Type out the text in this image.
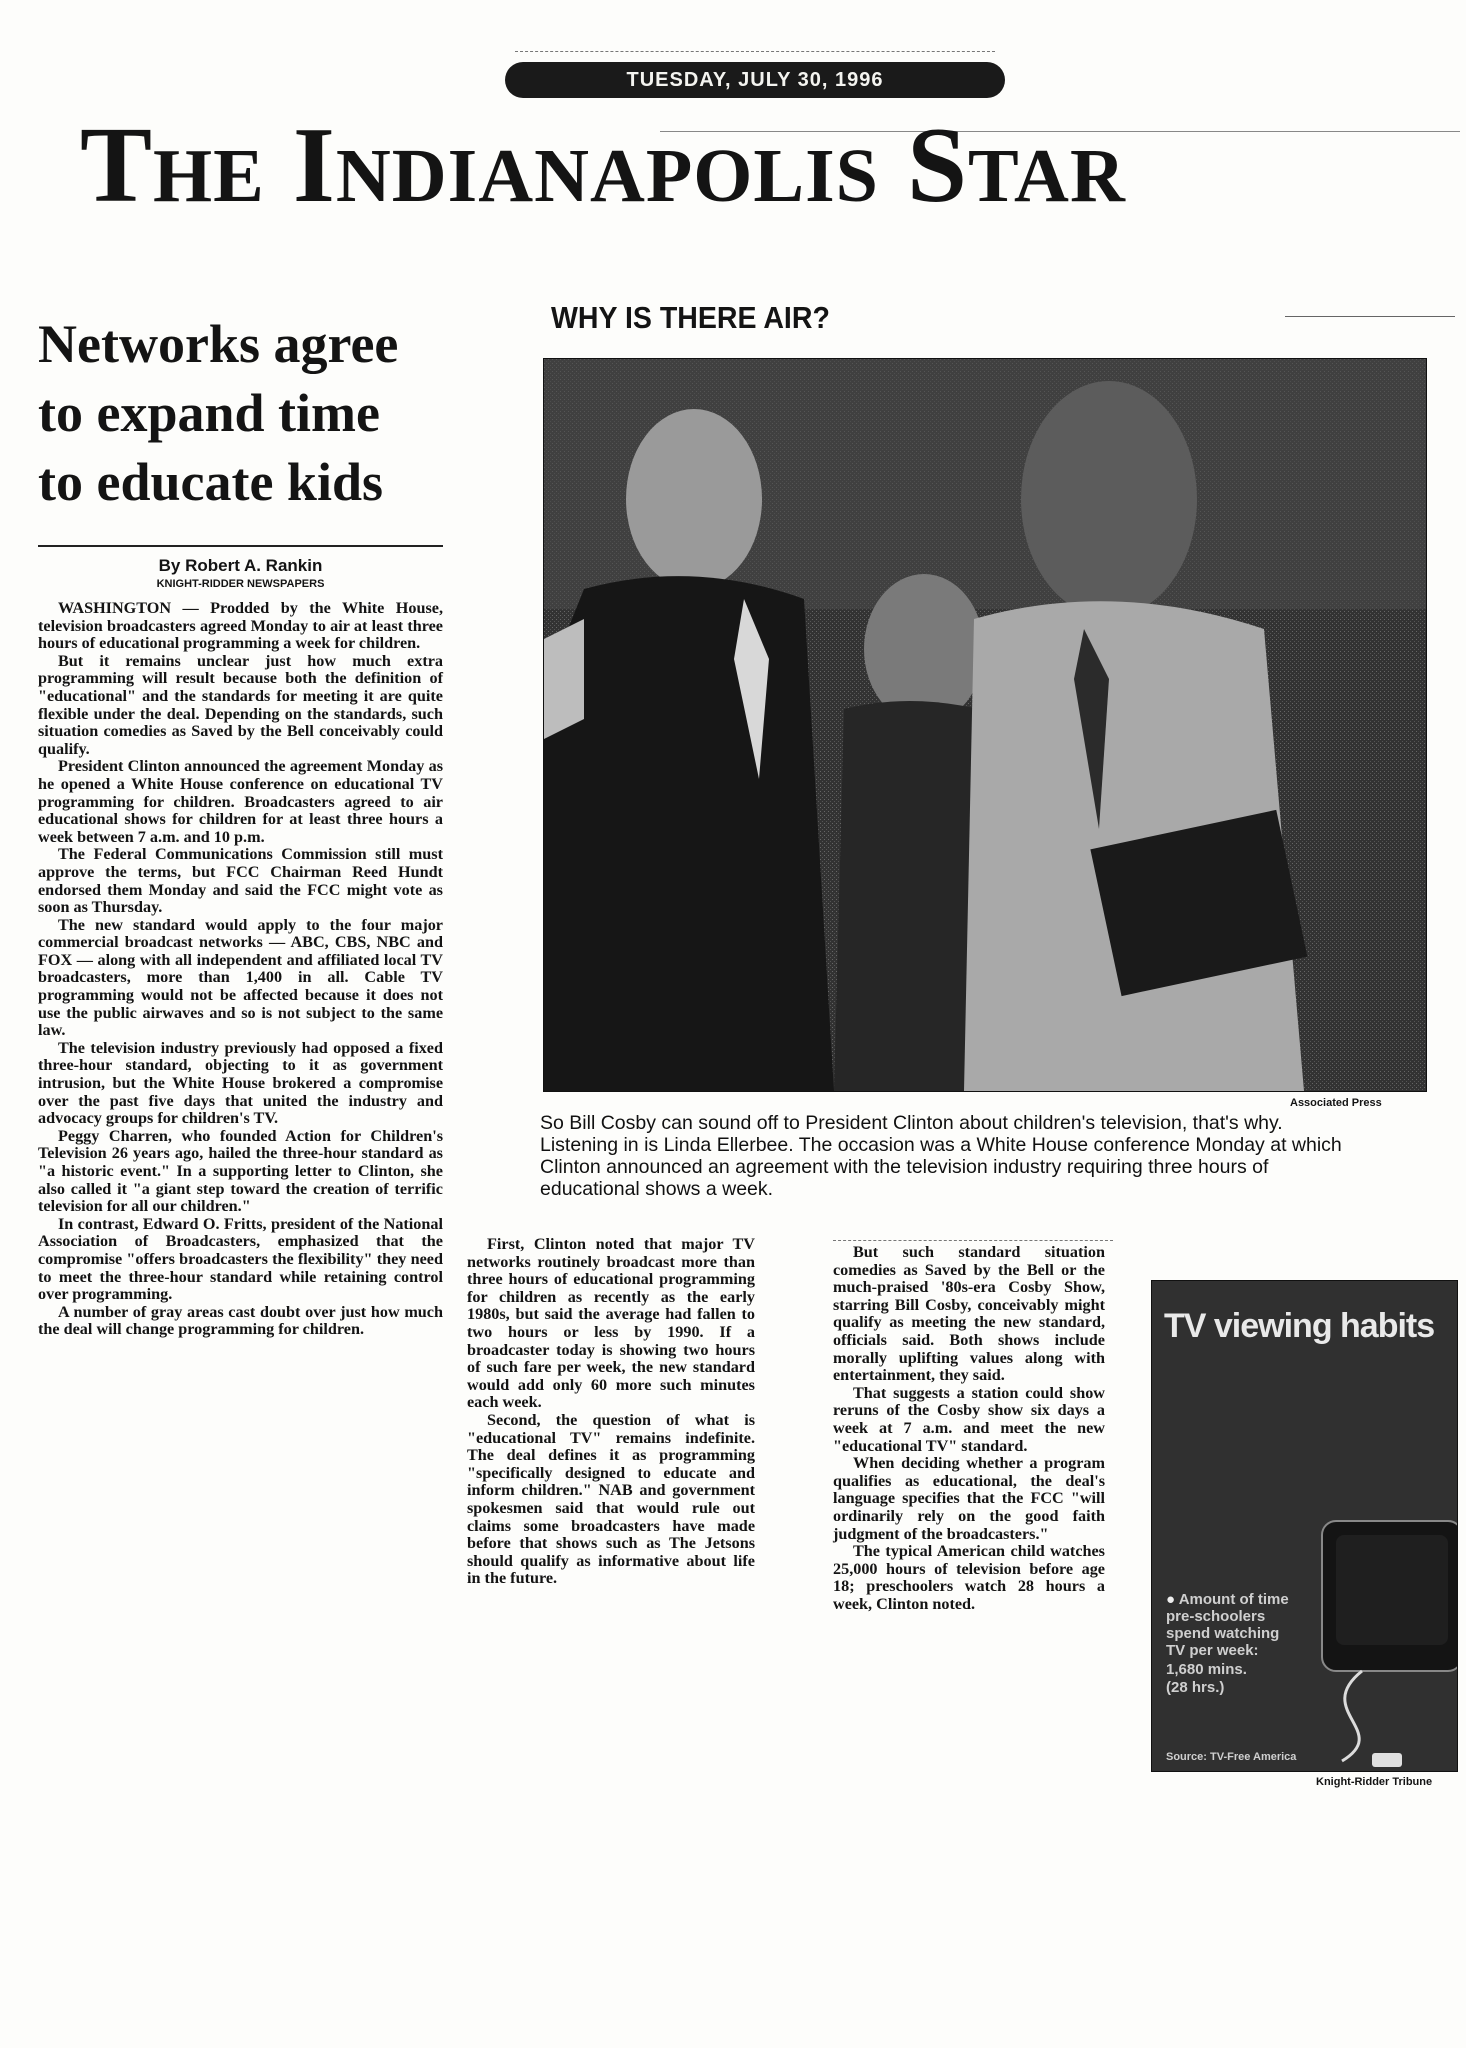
TUESDAY, JULY 30, 1996
The Indianapolis Star
Networks agree
to expand time
to educate kids
By Robert A. Rankin
KNIGHT-RIDDER NEWSPAPERS

WASHINGTON — Prodded by the White House, television broadcasters agreed Monday to air at least three hours of educational programming a week for children.

But it remains unclear just how much extra programming will result because both the definition of "educational" and the standards for meeting it are quite flexible under the deal. Depending on the standards, such situation comedies as Saved by the Bell conceivably could qualify.

President Clinton announced the agreement Monday as he opened a White House conference on educational TV programming for children. Broadcasters agreed to air educational shows for children for at least three hours a week between 7 a.m. and 10 p.m.

The Federal Communications Commission still must approve the terms, but FCC Chairman Reed Hundt endorsed them Monday and said the FCC might vote as soon as Thursday.

The new standard would apply to the four major commercial broadcast networks — ABC, CBS, NBC and FOX — along with all independent and affiliated local TV broadcasters, more than 1,400 in all. Cable TV programming would not be affected because it does not use the public airwaves and so is not subject to the same law.

The television industry previously had opposed a fixed three-hour standard, objecting to it as government intrusion, but the White House brokered a compromise over the past five days that united the industry and advocacy groups for children's TV.

Peggy Charren, who founded Action for Children's Television 26 years ago, hailed the three-hour standard as "a historic event." In a supporting letter to Clinton, she also called it "a giant step toward the creation of terrific television for all our children."

In contrast, Edward O. Fritts, president of the National Association of Broadcasters, emphasized that the compromise "offers broadcasters the flexibility" they need to meet the three-hour standard while retaining control over programming.

A number of gray areas cast doubt over just how much the deal will change programming for children.

WHY IS THERE AIR?
Associated Press
So Bill Cosby can sound off to President Clinton about children's television, that's why.
Listening in is Linda Ellerbee. The occasion was a White House conference Monday at which
Clinton announced an agreement with the television industry requiring three hours of
educational shows a week.

First, Clinton noted that major TV networks routinely broadcast more than three hours of educational programming for children as recently as the early 1980s, but said the average had fallen to two hours or less by 1990. If a broadcaster today is showing two hours of such fare per week, the new standard would add only 60 more such minutes each week.

Second, the question of what is "educational TV" remains indefinite. The deal defines it as programming "specifically designed to educate and inform children." NAB and government spokesmen said that would rule out claims some broadcasters have made before that shows such as The Jetsons should qualify as informative about life in the future.

But such standard situation comedies as Saved by the Bell or the much-praised '80s-era Cosby Show, starring Bill Cosby, conceivably might qualify as meeting the new standard, officials said. Both shows include morally uplifting values along with entertainment, they said.

That suggests a station could show reruns of the Cosby show six days a week at 7 a.m. and meet the new "educational TV" standard.

When deciding whether a program qualifies as educational, the deal's language specifies that the FCC "will ordinarily rely on the good faith judgment of the broadcasters."

The typical American child watches 25,000 hours of television before age 18; preschoolers watch 28 hours a week, Clinton noted.

TV viewing habits
● Amount of time
pre-schoolers
spend watching
TV per week:
1,680 mins.
(28 hrs.)
Source: TV-Free America
Knight-Ridder Tribune
